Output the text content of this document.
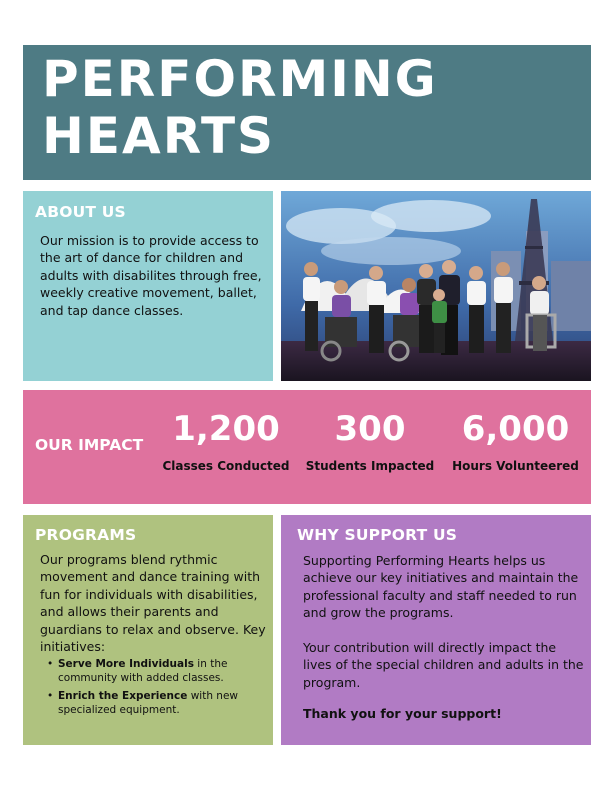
PERFORMING HEARTS
ABOUT US

Our mission is to provide access to the art of dance for children and adults with disabilites through free, weekly creative movement, ballet, and tap dance classes.

OUR IMPACT 1,200
Classes Conducted
300
Students Impacted
6,000
Hours Volunteered
PROGRAMS

Our programs blend rythmic movement and dance training with fun for individuals with disabilities, and allows their parents and guardians to relax and observe. Key initiatives:

• Serve More Individuals in the community with added classes.
• Enrich the Experience with new specialized equipment.
WHY SUPPORT US

Supporting Performing Hearts helps us achieve our key initiatives and maintain the professional faculty and staff needed to run and grow the programs.

Your contribution will directly impact the lives of the special children and adults in the program.

Thank you for your support!
